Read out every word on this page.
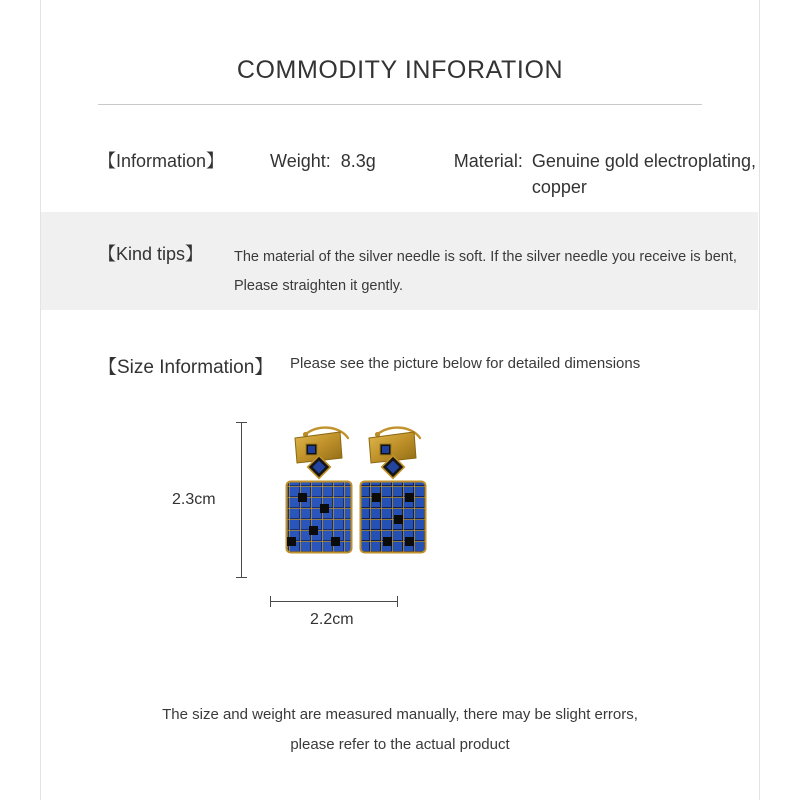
COMMODITY INFORATION
【Information】	Weight: 8.3g	Material: Genuine gold electroplating, copper
【Kind tips】 The material of the silver needle is soft. If the silver needle you receive is bent,
Please straighten it gently.
【Size Information】 Please see the picture below for detailed dimensions
2.3cm
2.2cm
The size and weight are measured manually, there may be slight errors,
please refer to the actual product
